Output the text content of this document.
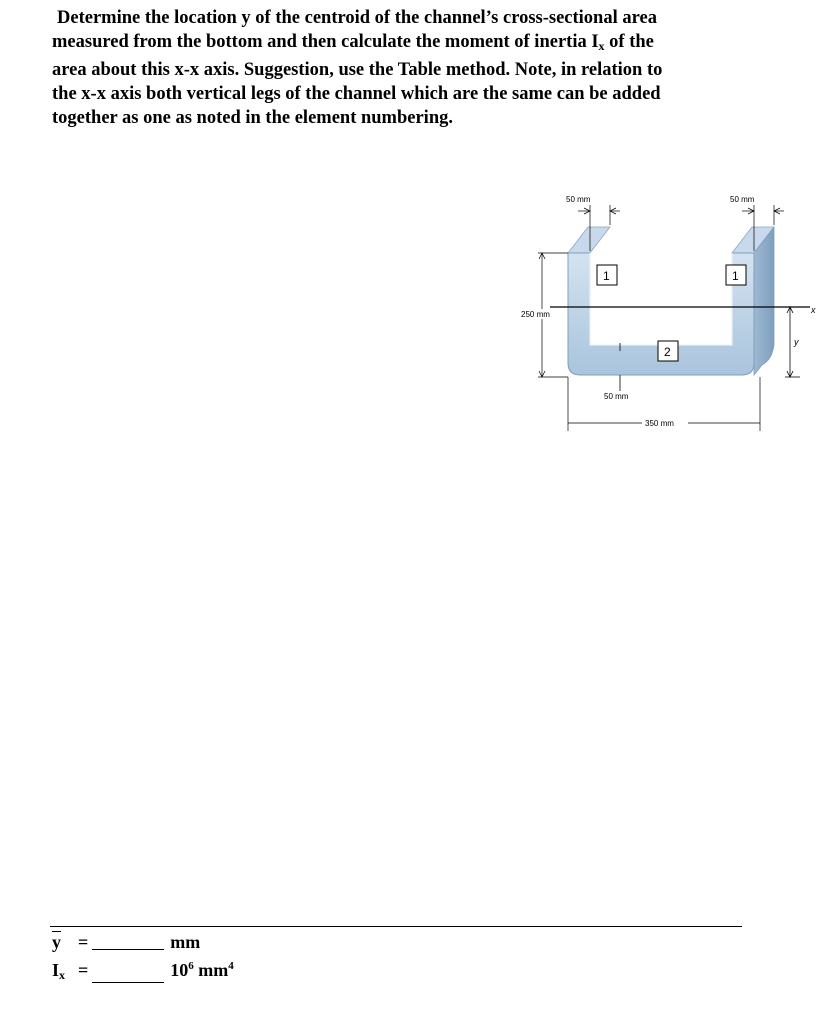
Determine the location y of the centroid of the channel’s cross-sectional area
measured from the bottom and then calculate the moment of inertia $I_x$ of the
area about this x-x axis. Suggestion, use the Table method. Note, in relation to
the x-x axis both vertical legs of the channel which are the same can be added
together as one as noted in the element numbering.
x
y
250 mm
50 mm	50 mm
50 mm
350 mm
1	1
2
$\overline{y}$ =	mm
$I_x$ =	$10^6$ $mm^4$
